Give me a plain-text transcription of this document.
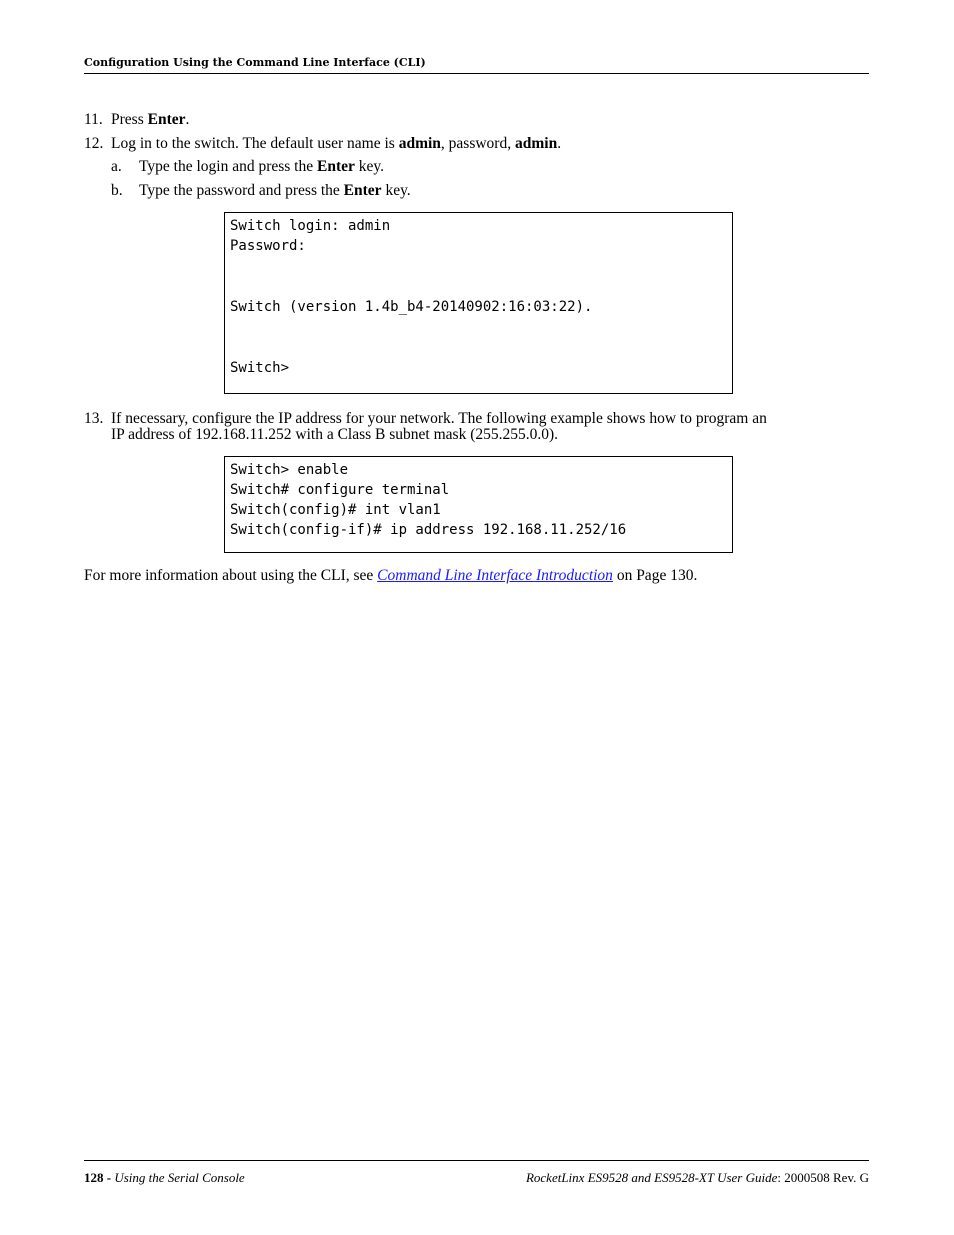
Configuration Using the Command Line Interface (CLI)
11. Press Enter.
12. Log in to the switch. The default user name is admin, password, admin.
a. Type the login and press the Enter key.
b. Type the password and press the Enter key.
Switch login: admin
Password:
Switch (version 1.4b_b4-20140902:16:03:22).
Switch>
13. If necessary, configure the IP address for your network. The following example shows how to program an
IP address of 192.168.11.252 with a Class B subnet mask (255.255.0.0).
Switch> enable
Switch# configure terminal
Switch(config)# int vlan1
Switch(config-if)# ip address 192.168.11.252/16
For more information about using the CLI, see Command Line Interface Introduction on Page 130.
128 - Using the Serial Console	RocketLinx ES9528 and ES9528-XT User Guide: 2000508 Rev. G
